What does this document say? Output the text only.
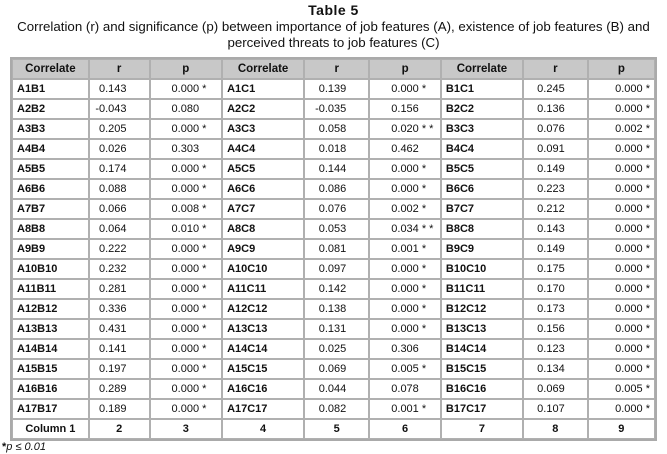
Table 5
Correlation (r) and significance (p) between importance of job features (A), existence of job features (B) and perceived threats to job features (C)
Correlate	r	p	Correlate	r	p	Correlate	r	p
A1B1	0.143	0.000 *	A1C1	0.139	0.000 *	B1C1	0.245	0.000 *
A2B2	-0.043	0.080	A2C2	-0.035	0.156	B2C2	0.136	0.000 *
A3B3	0.205	0.000 *	A3C3	0.058	0.020 * *	B3C3	0.076	0.002 *
A4B4	0.026	0.303	A4C4	0.018	0.462	B4C4	0.091	0.000 *
A5B5	0.174	0.000 *	A5C5	0.144	0.000 *	B5C5	0.149	0.000 *
A6B6	0.088	0.000 *	A6C6	0.086	0.000 *	B6C6	0.223	0.000 *
A7B7	0.066	0.008 *	A7C7	0.076	0.002 *	B7C7	0.212	0.000 *
A8B8	0.064	0.010 *	A8C8	0.053	0.034 * *	B8C8	0.143	0.000 *
A9B9	0.222	0.000 *	A9C9	0.081	0.001 *	B9C9	0.149	0.000 *
A10B10	0.232	0.000 *	A10C10	0.097	0.000 *	B10C10	0.175	0.000 *
A11B11	0.281	0.000 *	A11C11	0.142	0.000 *	B11C11	0.170	0.000 *
A12B12	0.336	0.000 *	A12C12	0.138	0.000 *	B12C12	0.173	0.000 *
A13B13	0.431	0.000 *	A13C13	0.131	0.000 *	B13C13	0.156	0.000 *
A14B14	0.141	0.000 *	A14C14	0.025	0.306	B14C14	0.123	0.000 *
A15B15	0.197	0.000 *	A15C15	0.069	0.005 *	B15C15	0.134	0.000 *
A16B16	0.289	0.000 *	A16C16	0.044	0.078	B16C16	0.069	0.005 *
A17B17	0.189	0.000 *	A17C17	0.082	0.001 *	B17C17	0.107	0.000 *
Column 1	2	3	4	5	6	7	8	9
*p ≤ 0.01
